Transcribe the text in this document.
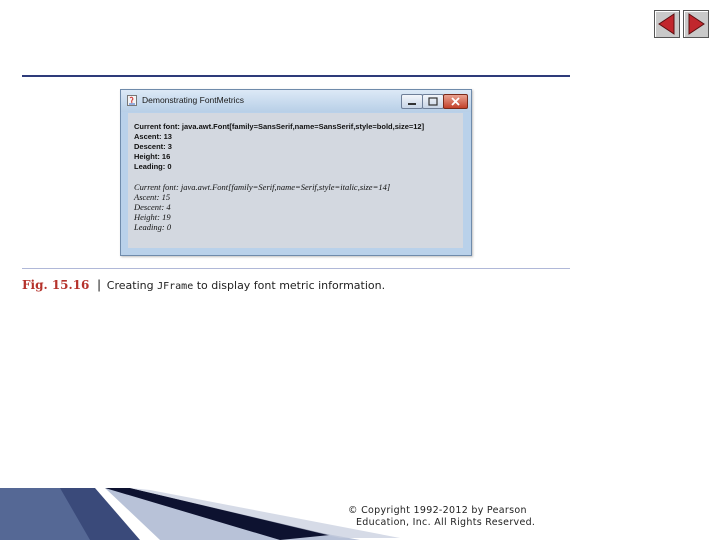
Demonstrating FontMetrics
Current font: java.awt.Font[family=SansSerif,name=SansSerif,style=bold,size=12]
Ascent: 13
Descent: 3
Height: 16
Leading: 0
Current font: java.awt.Font[family=Serif,name=Serif,style=italic,size=14]
Ascent: 15
Descent: 4
Height: 19
Leading: 0
Fig. 15.16 | Creating JFrame to display font metric information.
© Copyright 1992-2012 by Pearson
Education, Inc. All Rights Reserved.
